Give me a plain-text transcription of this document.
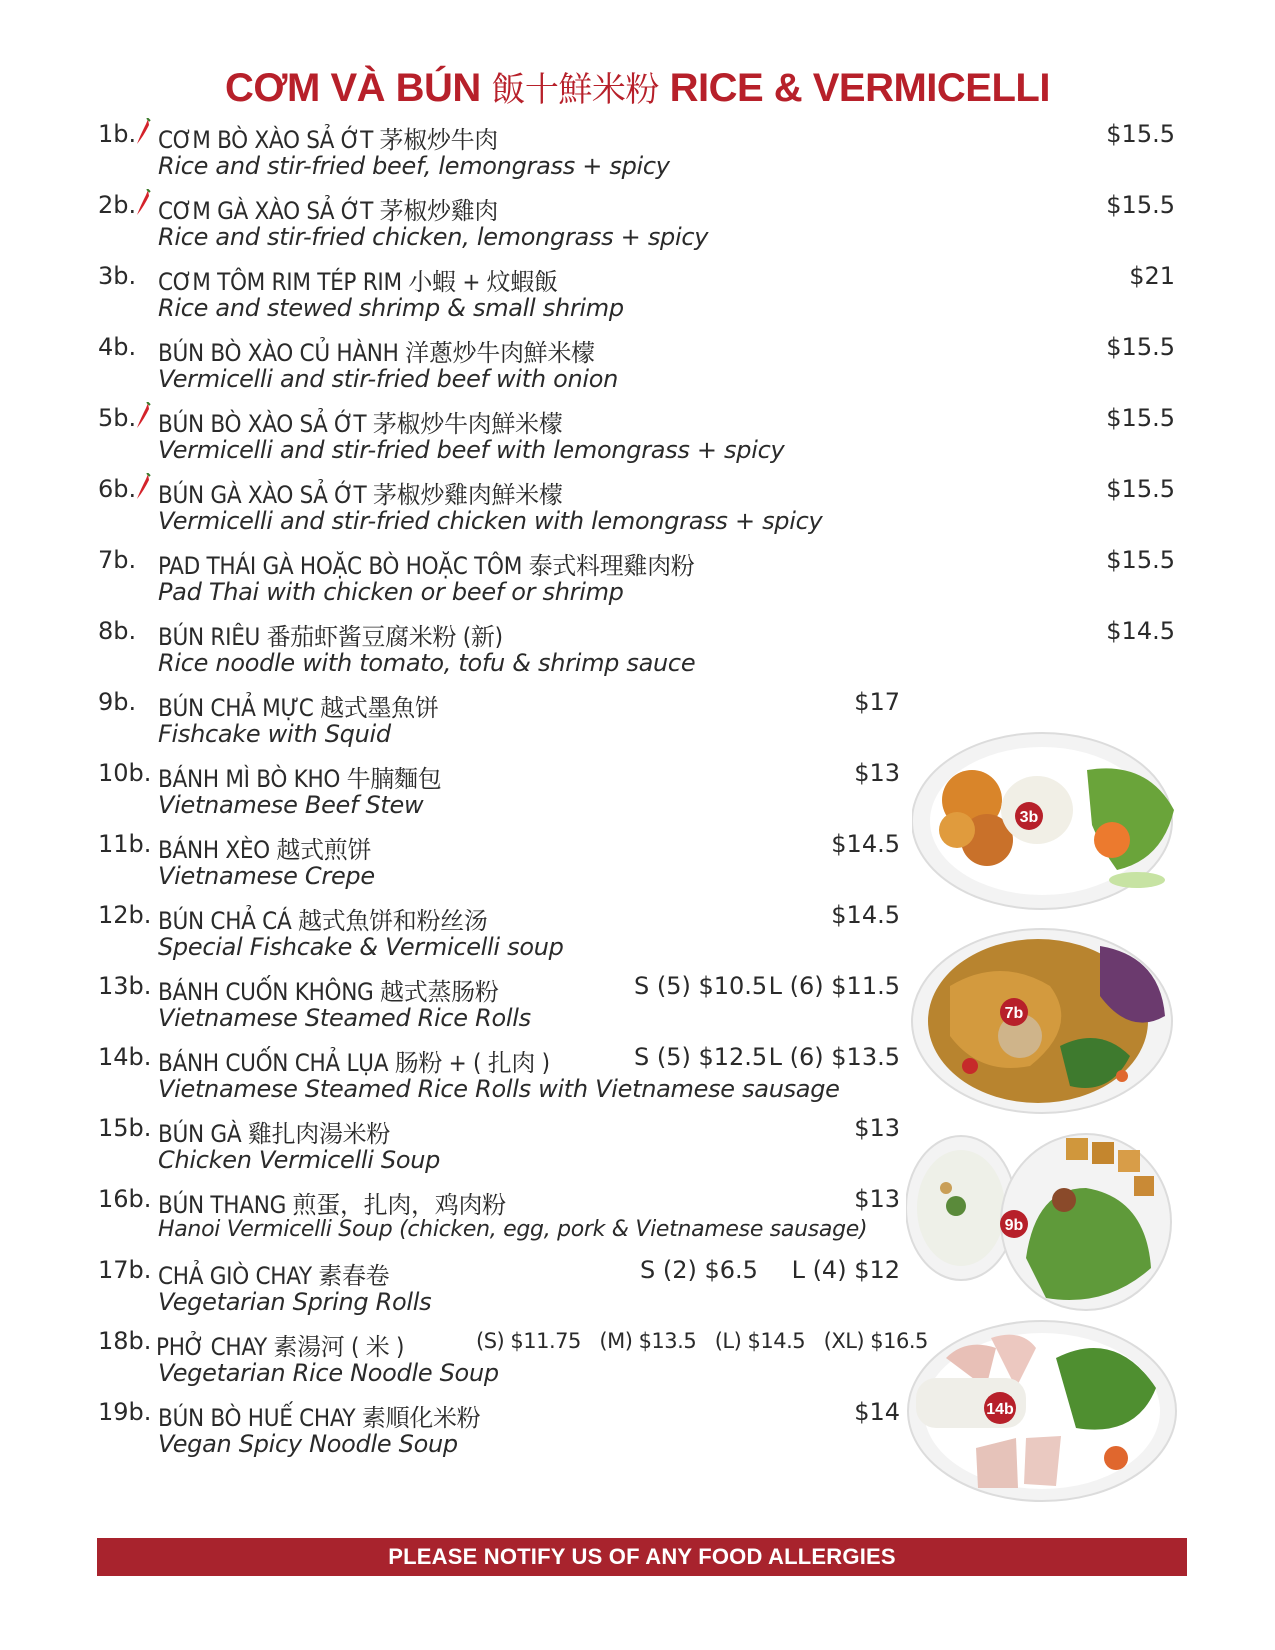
CƠM VÀ BÚN 飯十鮮米粉 RICE & VERMICELLI
1b. CƠM BÒ XÀO SẢ ỚT 茅椒炒牛肉
Rice and stir-fried beef, lemongrass + spicy
$15.5
2b. CƠM GÀ XÀO SẢ ỚT 茅椒炒雞肉
Rice and stir-fried chicken, lemongrass + spicy
$15.5
3b. CƠM TÔM RIM TÉP RIM 小蝦 + 炆蝦飯
Rice and stewed shrimp & small shrimp
$21
4b. BÚN BÒ XÀO CỦ HÀNH 洋蔥炒牛肉鮮米檬
Vermicelli and stir-fried beef with onion
$15.5
5b. BÚN BÒ XÀO SẢ ỚT 茅椒炒牛肉鮮米檬
Vermicelli and stir-fried beef with lemongrass + spicy
$15.5
6b. BÚN GÀ XÀO SẢ ỚT 茅椒炒雞肉鮮米檬
Vermicelli and stir-fried chicken with lemongrass + spicy
$15.5
7b. PAD THÁI GÀ HOẶC BÒ HOẶC TÔM 泰式料理雞肉粉
Pad Thai with chicken or beef or shrimp
$15.5
8b. BÚN RIÊU 番茄虾酱豆腐米粉 (新)
Rice noodle with tomato, tofu & shrimp sauce
$14.5
9b. BÚN CHẢ MỰC 越式墨魚饼
Fishcake with Squid
$17
10b. BÁNH MÌ BÒ KHO 牛腩麵包
Vietnamese Beef Stew
$13
11b. BÁNH XÈO 越式煎饼
Vietnamese Crepe
$14.5
12b. BÚN CHẢ CÁ 越式魚饼和粉丝汤
Special Fishcake & Vermicelli soup
$14.5
13b. BÁNH CUỐN KHÔNG 越式蒸肠粉
Vietnamese Steamed Rice Rolls
S (5) $10.5 L (6) $11.5
14b. BÁNH CUỐN CHẢ LỤA 肠粉 + ( 扎肉 )
Vietnamese Steamed Rice Rolls with Vietnamese sausage
S (5) $12.5 L (6) $13.5
15b. BÚN GÀ 雞扎肉湯米粉
Chicken Vermicelli Soup
$13
16b. BÚN THANG 煎蛋，扎肉，鸡肉粉
Hanoi Vermicelli Soup (chicken, egg, pork & Vietnamese sausage)
$13
17b. CHẢ GIÒ CHAY 素春卷
Vegetarian Spring Rolls
S (2) $6.5 L (4) $12
18b. PHỞ CHAY 素湯河 ( 米 )
Vegetarian Rice Noodle Soup
(S) $11.75   (M) $13.5   (L) $14.5   (XL) $16.5
19b. BÚN BÒ HUẾ CHAY 素順化米粉
Vegan Spicy Noodle Soup
$14
3b
7b
9b
14b
PLEASE NOTIFY US OF ANY FOOD ALLERGIES
